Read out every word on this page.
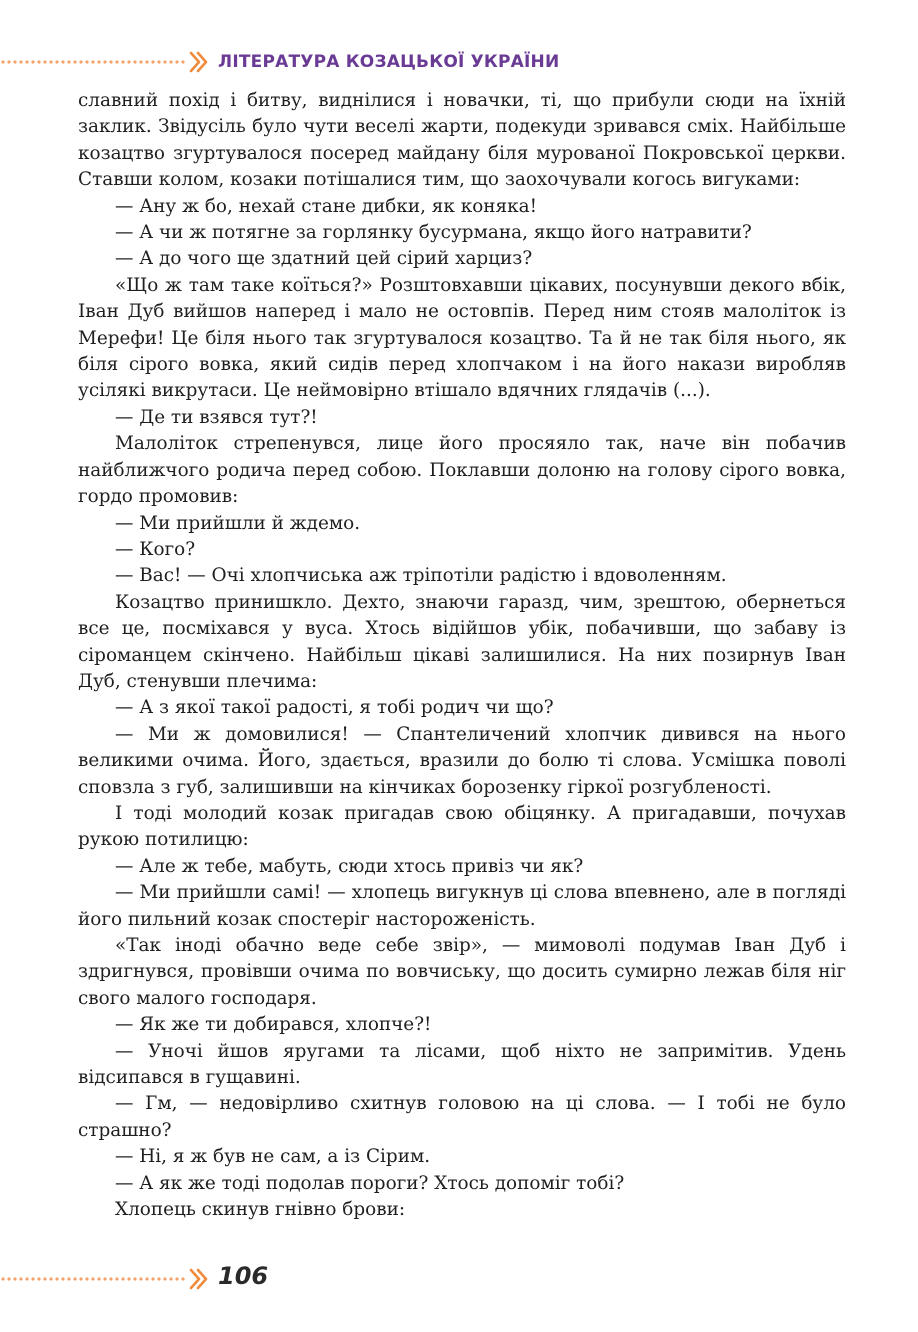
ЛІТЕРАТУРА КОЗАЦЬКОЇ УКРАЇНИ

славний похід і битву, виднілися і новачки, ті, що прибули сюди на їхній заклик. Звідусіль було чути веселі жарти, подекуди зривався сміх. Найбільше козацтво згуртувалося посеред майдану біля мурованої Покровської церкви. Ставши колом, козаки потішалися тим, що заохочували когось вигуками:

— Ану ж бо, нехай стане дибки, як коняка!

— А чи ж потягне за горлянку бусурмана, якщо його натравити?

— А до чого ще здатний цей сірий харциз?

«Що ж там таке коїться?» Розштовхавши цікавих, посунувши декого вбік, Іван Дуб вийшов наперед і мало не остовпів. Перед ним стояв малоліток із Мерефи! Це біля нього так згуртувалося козацтво. Та й не так біля нього, як біля сірого вовка, який сидів перед хлопчаком і на його накази виробляв усілякі викрутаси. Це неймовірно втішало вдячних глядачів (...).

— Де ти взявся тут?!

Малоліток стрепенувся, лице його просяяло так, наче він побачив найближчого родича перед собою. Поклавши долоню на голову сірого вовка, гордо промовив:

— Ми прийшли й ждемо.

— Кого?

— Вас! — Очі хлопчиська аж тріпотіли радістю і вдоволенням.

Козацтво принишкло. Дехто, знаючи гаразд, чим, зрештою, обернеться все це, посміхався у вуса. Хтось відійшов убік, побачивши, що забаву із сіроманцем скінчено. Найбільш цікаві залишилися. На них позирнув Іван Дуб, стенувши плечима:

— А з якої такої радості, я тобі родич чи що?

— Ми ж домовилися! — Спантеличений хлопчик дивився на нього великими очима. Його, здається, вразили до болю ті слова. Усмішка поволі сповзла з губ, залишивши на кінчиках борозенку гіркої розгубленості.

І тоді молодий козак пригадав свою обіцянку. А пригадавши, почухав рукою потилицю:

— Але ж тебе, мабуть, сюди хтось привіз чи як?

— Ми прийшли самі! — хлопець вигукнув ці слова впевнено, але в погляді його пильний козак спостеріг настороженість.

«Так іноді обачно веде себе звір», — мимоволі подумав Іван Дуб і здригнувся, провівши очима по вовчиську, що досить сумирно лежав біля ніг свого малого господаря.

— Як же ти добирався, хлопче?!

— Уночі йшов яругами та лісами, щоб ніхто не запримітив. Удень відсипався в гущавині.

— Гм, — недовірливо схитнув головою на ці слова. — І тобі не було страшно?

— Ні, я ж був не сам, а із Сірим.

— А як же тоді подолав пороги? Хтось допоміг тобі?

Хлопець скинув гнівно брови:

106
